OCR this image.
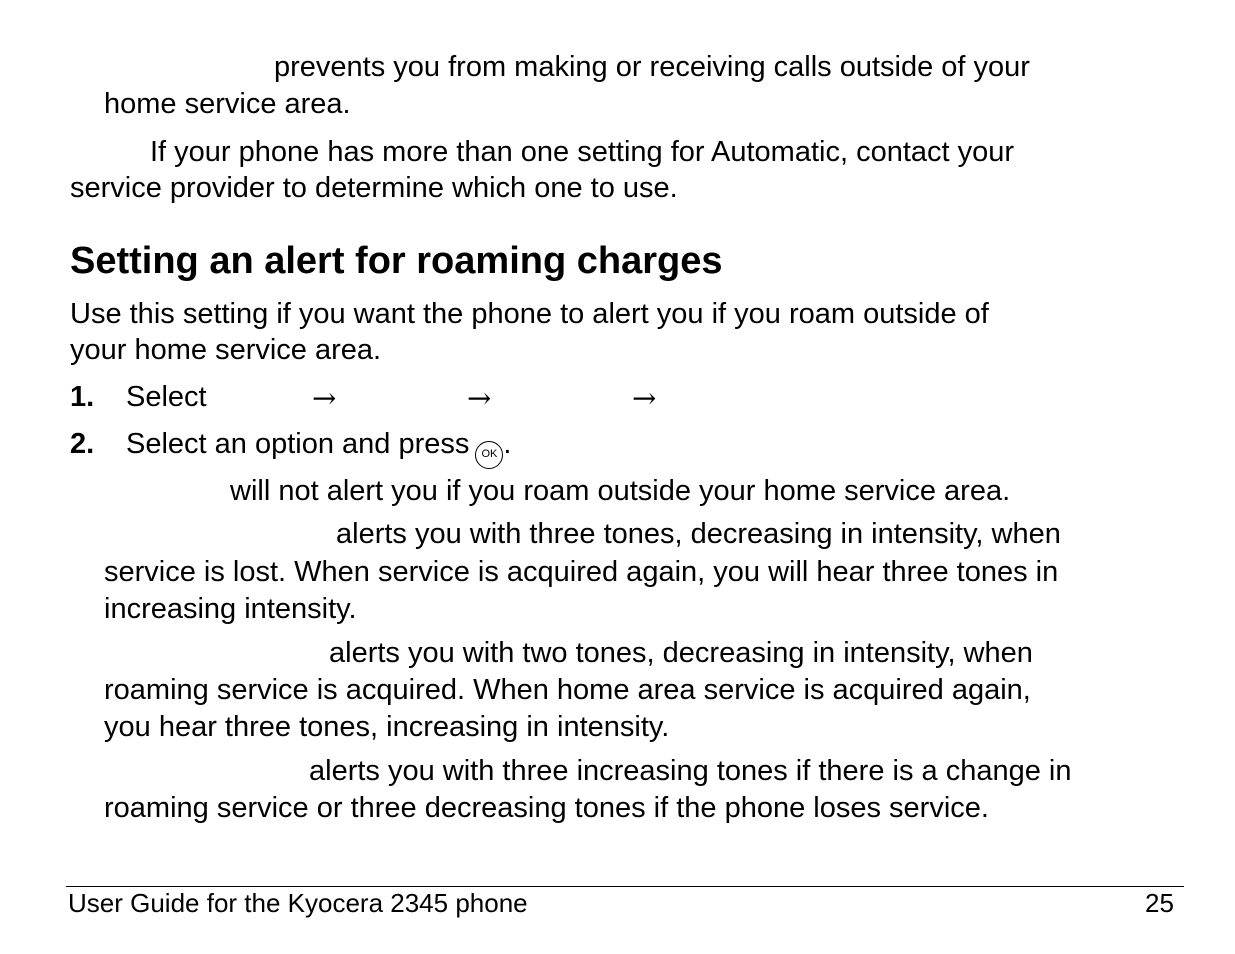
prevents you from making or receiving calls outside of your
home service area.
If your phone has more than one setting for Automatic, contact your
service provider to determine which one to use.
Setting an alert for roaming charges
Use this setting if you want the phone to alert you if you roam outside of
your home service area.
1. Select	→	→	→
2. Select an option and press OK .
will not alert you if you roam outside your home service area.
alerts you with three tones, decreasing in intensity, when
service is lost. When service is acquired again, you will hear three tones in
increasing intensity.
alerts you with two tones, decreasing in intensity, when
roaming service is acquired. When home area service is acquired again,
you hear three tones, increasing in intensity.
alerts you with three increasing tones if there is a change in
roaming service or three decreasing tones if the phone loses service.
User Guide for the Kyocera 2345 phone	25
